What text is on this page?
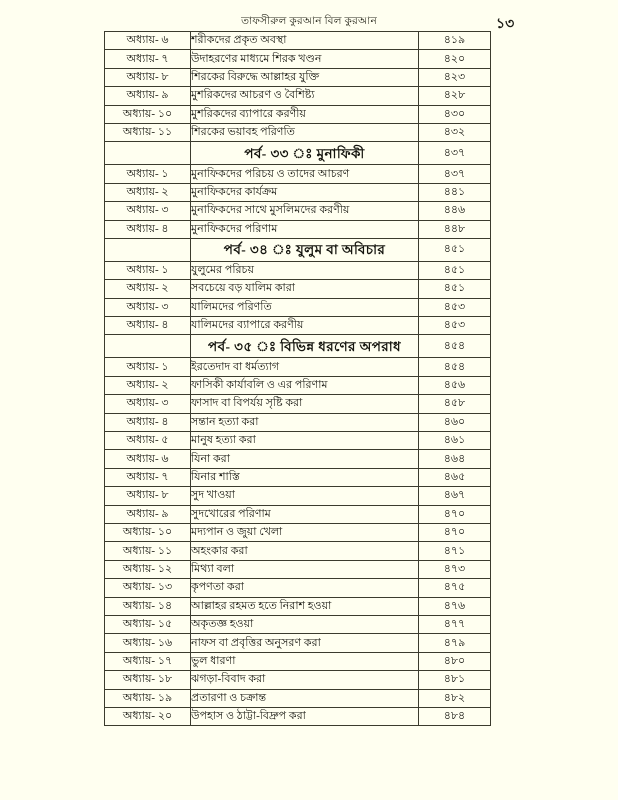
তাফসীরুল কুরআন বিল কুরআন	১৩
অধ্যায়- ৬	শরীকদের প্রকৃত অবস্থা	৪১৯
অধ্যায়- ৭	উদাহরণের মাধ্যমে শিরক খণ্ডন	৪২০
অধ্যায়- ৮	শিরকের বিরুদ্ধে আল্লাহর যুক্তি	৪২৩
অধ্যায়- ৯	মুশরিকদের আচরণ ও বৈশিষ্ট্য	৪২৮
অধ্যায়- ১০	মুশরিকদের ব্যাপারে করণীয়	৪৩০
অধ্যায়- ১১	শিরকের ভয়াবহ পরিণতি	৪৩২
	পর্ব- ৩৩ ঃ মুনাফিকী	৪৩৭
অধ্যায়- ১	মুনাফিকদের পরিচয় ও তাদের আচরণ	৪৩৭
অধ্যায়- ২	মুনাফিকদের কার্যক্রম	৪৪১
অধ্যায়- ৩	মুনাফিকদের সাথে মুসলিমদের করণীয়	৪৪৬
অধ্যায়- ৪	মুনাফিকদের পরিণাম	৪৪৮
	পর্ব- ৩৪ ঃ যুলুম বা অবিচার	৪৫১
অধ্যায়- ১	যুলুমের পরিচয়	৪৫১
অধ্যায়- ২	সবচেয়ে বড় যালিম কারা	৪৫১
অধ্যায়- ৩	যালিমদের পরিণতি	৪৫৩
অধ্যায়- ৪	যালিমদের ব্যাপারে করণীয়	৪৫৩
	পর্ব- ৩৫ ঃ বিভিন্ন ধরণের অপরাধ	৪৫৪
অধ্যায়- ১	ইরতেদাদ বা ধর্মত্যাগ	৪৫৪
অধ্যায়- ২	ফাসিকী কার্যাবলি ও এর পরিণাম	৪৫৬
অধ্যায়- ৩	ফাসাদ বা বিপর্যয় সৃষ্টি করা	৪৫৮
অধ্যায়- ৪	সন্তান হত্যা করা	৪৬০
অধ্যায়- ৫	মানুষ হত্যা করা	৪৬১
অধ্যায়- ৬	যিনা করা	৪৬৪
অধ্যায়- ৭	যিনার শাস্তি	৪৬৫
অধ্যায়- ৮	সুদ খাওয়া	৪৬৭
অধ্যায়- ৯	সুদখোরের পরিণাম	৪৭০
অধ্যায়- ১০	মদ্যপান ও জুয়া খেলা	৪৭০
অধ্যায়- ১১	অহংকার করা	৪৭১
অধ্যায়- ১২	মিথ্যা বলা	৪৭৩
অধ্যায়- ১৩	কৃপণতা করা	৪৭৫
অধ্যায়- ১৪	আল্লাহর রহমত হতে নিরাশ হওয়া	৪৭৬
অধ্যায়- ১৫	অকৃতজ্ঞ হওয়া	৪৭৭
অধ্যায়- ১৬	নাফস বা প্রবৃত্তির অনুসরণ করা	৪৭৯
অধ্যায়- ১৭	ভুল ধারণা	৪৮০
অধ্যায়- ১৮	ঝগড়া-বিবাদ করা	৪৮১
অধ্যায়- ১৯	প্রতারণা ও চক্রান্ত	৪৮২
অধ্যায়- ২০	উপহাস ও ঠাট্টা-বিদ্রুপ করা	৪৮৪
